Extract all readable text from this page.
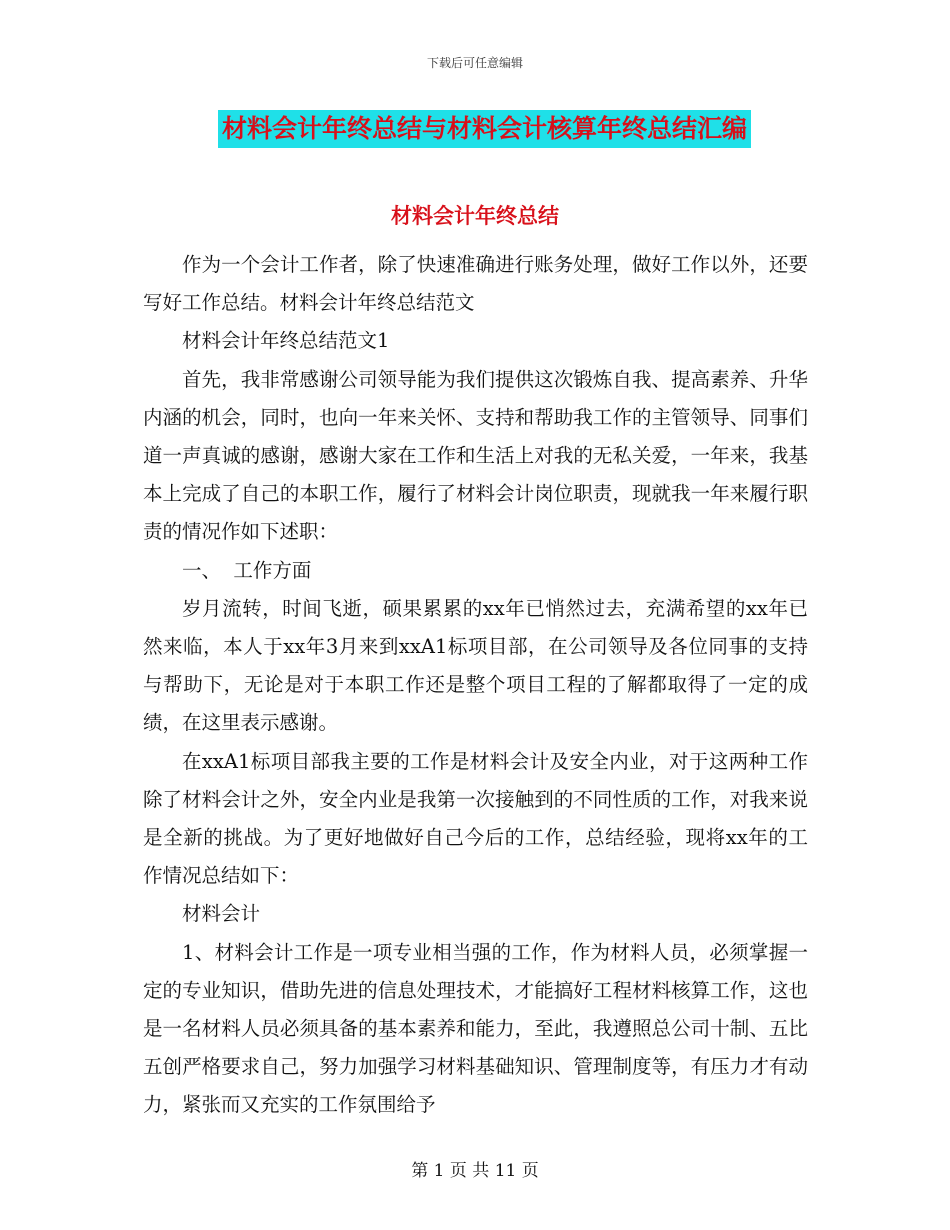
下载后可任意编辑
材料会计年终总结与材料会计核算年终总结汇编
材料会计年终总结

作为一个会计工作者，除了快速准确进行账务处理，做好工作以外，还要写好工作总结。材料会计年终总结范文

材料会计年终总结范文1

首先，我非常感谢公司领导能为我们提供这次锻炼自我、提高素养、升华内涵的机会，同时，也向一年来关怀、支持和帮助我工作的主管领导、同事们道一声真诚的感谢，感谢大家在工作和生活上对我的无私关爱，一年来，我基本上完成了自己的本职工作，履行了材料会计岗位职责，现就我一年来履行职责的情况作如下述职：

一、  工作方面

岁月流转，时间飞逝，硕果累累的xx年已悄然过去，充满希望的xx年已然来临，本人于xx年3月来到xxA1标项目部，在公司领导及各位同事的支持与帮助下，无论是对于本职工作还是整个项目工程的了解都取得了一定的成绩，在这里表示感谢。

在xxA1标项目部我主要的工作是材料会计及安全内业，对于这两种工作除了材料会计之外，安全内业是我第一次接触到的不同性质的工作，对我来说是全新的挑战。为了更好地做好自己今后的工作，总结经验，现将xx年的工作情况总结如下：

材料会计

1、材料会计工作是一项专业相当强的工作，作为材料人员，必须掌握一定的专业知识，借助先进的信息处理技术，才能搞好工程材料核算工作，这也是一名材料人员必须具备的基本素养和能力，至此，我遵照总公司十制、五比五创严格要求自己，努力加强学习材料基础知识、管理制度等，有压力才有动力，紧张而又充实的工作氛围给予

第 1 页 共 11 页
